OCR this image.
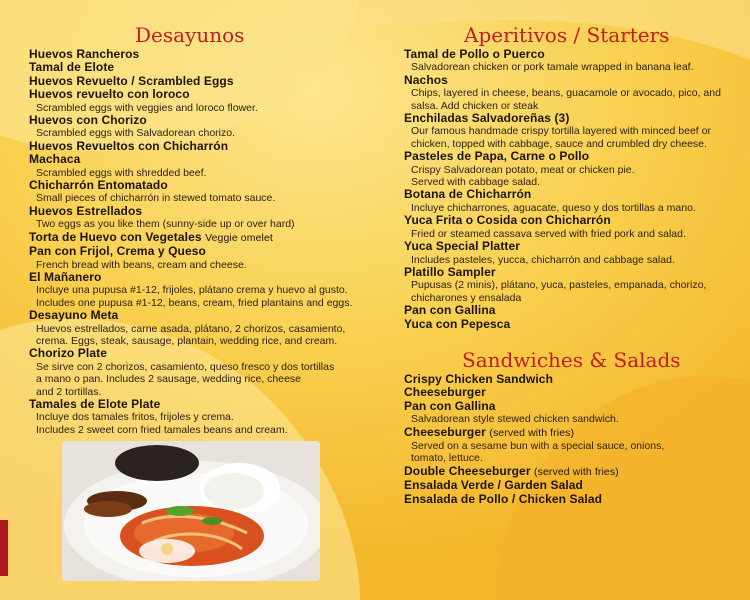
Desayunos
Huevos Rancheros
Tamal de Elote
Huevos Revuelto / Scrambled Eggs
Huevos revuelto con loroco
Scrambled eggs with veggies and loroco flower.
Huevos con Chorizo
Scrambled eggs with Salvadorean chorizo.
Huevos Revueltos con Chicharrón
Machaca
Scrambled eggs with shredded beef.
Chicharrón Entomatado
Small pieces of chicharrón in stewed tomato sauce.
Huevos Estrellados
Two eggs as you like them (sunny-side up or over hard)
Torta de Huevo con Vegetales Veggie omelet
Pan con Frijol, Crema y Queso
French bread with beans, cream and cheese.
El Mañanero
Incluye una pupusa #1-12, frijoles, plátano crema y huevo al gusto.
Includes one pupusa #1-12, beans, cream, fried plantains and eggs.
Desayuno Meta
Huevos estrellados, carne asada, plátano, 2 chorizos, casamiento,
crema. Eggs, steak, sausage, plantain, wedding rice, and cream.
Chorizo Plate
Se sirve con 2 chorizos, casamiento, queso fresco y dos tortillas
a mano o pan. Includes 2 sausage, wedding rice, cheese
and 2 tortillas.
Tamales de Elote Plate
Incluye dos tamales fritos, frijoles y crema.
Includes 2 sweet corn fried tamales beans and cream.
Aperitivos / Starters
Tamal de Pollo o Puerco
Salvadorean chicken or pork tamale wrapped in banana leaf.
Nachos
Chips, layered in cheese, beans, guacamole or avocado, pico, and
salsa. Add chicken or steak
Enchiladas Salvadoreñas (3)
Our famous handmade crispy tortilla layered with minced beef or
chicken, topped with cabbage, sauce and crumbled dry cheese.
Pasteles de Papa, Carne o Pollo
Crispy Salvadorean potato, meat or chicken pie.
Served with cabbage salad.
Botana de Chicharrón
Incluye chicharrones, aguacate, queso y dos tortillas a mano.
Yuca Frita o Cosida con Chicharrón
Fried or steamed cassava served with fried pork and salad.
Yuca Special Platter
Includes pasteles, yucca, chicharrón and cabbage salad.
Platillo Sampler
Pupusas (2 minis), plátano, yuca, pasteles, empanada, chorizo,
chicharones y ensalada
Pan con Gallina
Yuca con Pepesca
Sandwiches & Salads
Crispy Chicken Sandwich
Cheeseburger
Pan con Gallina
Salvadorean style stewed chicken sandwich.
Cheeseburger (served with fries)
Served on a sesame bun with a special sauce, onions,
tomato, lettuce.
Double Cheeseburger (served with fries)
Ensalada Verde / Garden Salad
Ensalada de Pollo / Chicken Salad
